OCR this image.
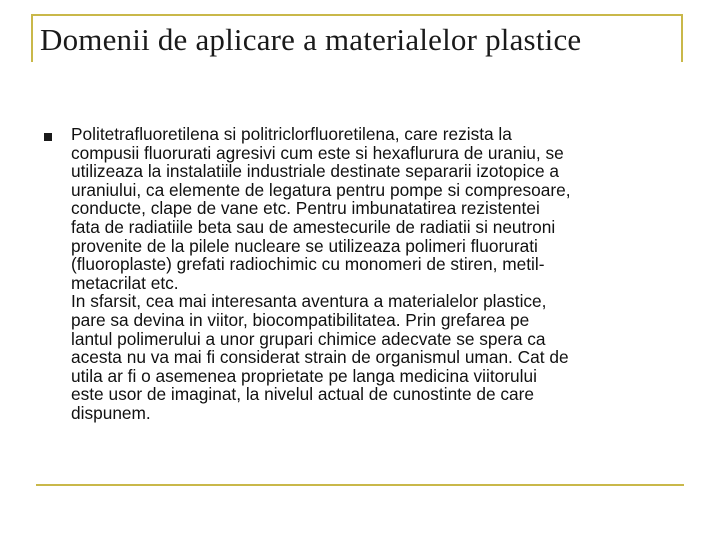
Domenii de aplicare a materialelor plastice
Politetrafluoretilena si politriclorfluoretilena, care rezista la
compusii fluorurati agresivi cum este si hexaflurura de uraniu, se
utilizeaza la instalatiile industriale destinate separarii izotopice a
uraniului, ca elemente de legatura pentru pompe si compresoare,
conducte, clape de vane etc. Pentru imbunatatirea rezistentei
fata de radiatiile beta sau de amestecurile de radiatii si neutroni
provenite de la pilele nucleare se utilizeaza polimeri fluorurati
(fluoroplaste) grefati radiochimic cu monomeri de stiren, metil-
metacrilat etc.
In sfarsit, cea mai interesanta aventura a materialelor plastice,
pare sa devina in viitor, biocompatibilitatea. Prin grefarea pe
lantul polimerului a unor grupari chimice adecvate se spera ca
acesta nu va mai fi considerat strain de organismul uman. Cat de
utila ar fi o asemenea proprietate pe langa medicina viitorului
este usor de imaginat, la nivelul actual de cunostinte de care
dispunem.
